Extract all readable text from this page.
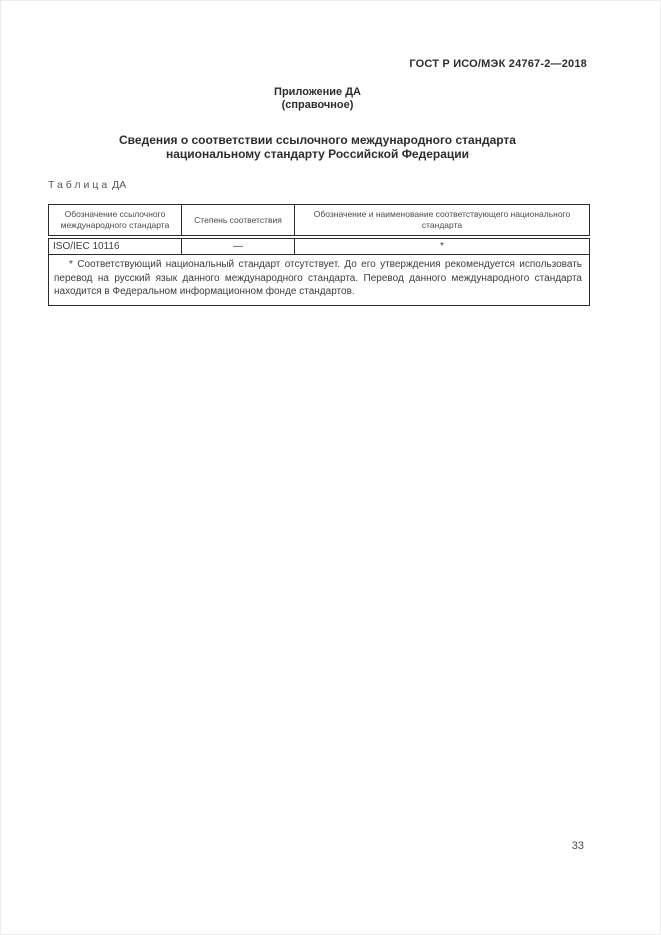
ГОСТ Р ИСО/МЭК 24767-2—2018
Приложение ДА
(справочное)
Сведения о соответствии ссылочного международного стандарта
национальному стандарту Российской Федерации
Таблица ДА
Обозначение ссылочного международного стандарта	Степень соответствия	Обозначение и наименование соответствующего национального стандарта
ISO/IEC 10116	—	*
* Соответствующий национальный стандарт отсутствует. До его утверждения рекомендуется использовать перевод на русский язык данного международного стандарта. Перевод данного международного стандарта находится в Федеральном информационном фонде стандартов.		
33
